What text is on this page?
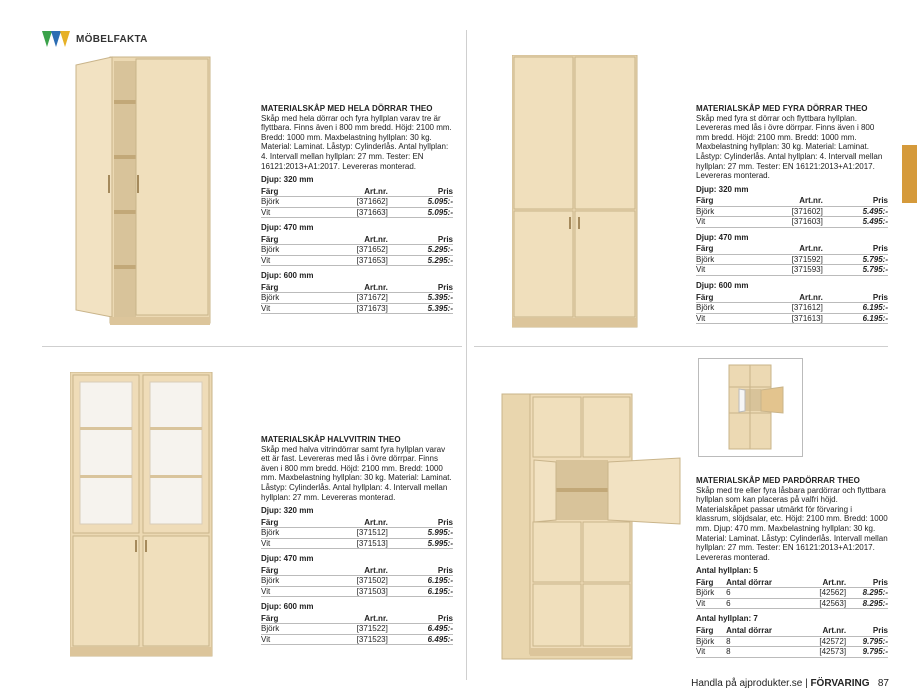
MÖBELFAKTA
MATERIALSKÅP MED HELA DÖRRAR THEO

Skåp med hela dörrar och fyra hyllplan varav tre är flyttbara. Finns även i 800 mm bredd. Höjd: 2100 mm. Bredd: 1000 mm. Maxbelastning hyllplan: 30 kg. Material: Laminat. Låstyp: Cylinderlås. Antal hyllplan: 4. Intervall mellan hyllplan: 27 mm. Tester: EN 16121:2013+A1:2017. Levereras monterad.

Djup: 320 mm
Färg	Art.nr.	Pris
Björk	[371662]	5.095:-
Vit	[371663]	5.095:-
Djup: 470 mm
Färg	Art.nr.	Pris
Björk	[371652]	5.295:-
Vit	[371653]	5.295:-
Djup: 600 mm
Färg	Art.nr.	Pris
Björk	[371672]	5.395:-
Vit	[371673]	5.395:-
MATERIALSKÅP MED FYRA DÖRRAR THEO

Skåp med fyra st dörrar och flyttbara hyllplan. Levereras med lås i övre dörrpar. Finns även i 800 mm bredd. Höjd: 2100 mm. Bredd: 1000 mm. Maxbelastning hyllplan: 30 kg. Material: Laminat. Låstyp: Cylinderlås. Antal hyllplan: 4. Intervall mellan hyllplan: 27 mm. Tester: EN 16121:2013+A1:2017. Levereras monterad.

Djup: 320 mm
Färg	Art.nr.	Pris
Björk	[371602]	5.495:-
Vit	[371603]	5.495:-
Djup: 470 mm
Färg	Art.nr.	Pris
Björk	[371592]	5.795:-
Vit	[371593]	5.795:-
Djup: 600 mm
Färg	Art.nr.	Pris
Björk	[371612]	6.195:-
Vit	[371613]	6.195:-
MATERIALSKÅP HALVVITRIN THEO

Skåp med halva vitrindörrar samt fyra hyllplan varav ett är fast. Levereras med lås i övre dörrpar. Finns även i 800 mm bredd. Höjd: 2100 mm. Bredd: 1000 mm. Maxbelastning hyllplan: 30 kg. Material: Laminat. Låstyp: Cylinderlås. Antal hyllplan: 4. Intervall mellan hyllplan: 27 mm. Levereras monterad.

Djup: 320 mm
Färg	Art.nr.	Pris
Björk	[371512]	5.995:-
Vit	[371513]	5.995:-
Djup: 470 mm
Färg	Art.nr.	Pris
Björk	[371502]	6.195:-
Vit	[371503]	6.195:-
Djup: 600 mm
Färg	Art.nr.	Pris
Björk	[371522]	6.495:-
Vit	[371523]	6.495:-
MATERIALSKÅP MED PARDÖRRAR THEO

Skåp med tre eller fyra låsbara pardörrar och flyttbara hyllplan som kan placeras på valfri höjd. Materialskåpet passar utmärkt för förvaring i klassrum, slöjdsalar, etc. Höjd: 2100 mm. Bredd: 1000 mm. Djup: 470 mm. Maxbelastning hyllplan: 30 kg. Material: Laminat. Låstyp: Cylinderlås. Intervall mellan hyllplan: 27 mm. Tester: EN 16121:2013+A1:2017. Levereras monterad.

Antal hyllplan: 5
Färg	Antal dörrar	Art.nr.	Pris
Björk	6	[42562]	8.295:-
Vit	6	[42563]	8.295:-
Antal hyllplan: 7
Färg	Antal dörrar	Art.nr.	Pris
Björk	8	[42572]	9.795:-
Vit	8	[42573]	9.795:-
Handla på ajprodukter.se | FÖRVARING 87
